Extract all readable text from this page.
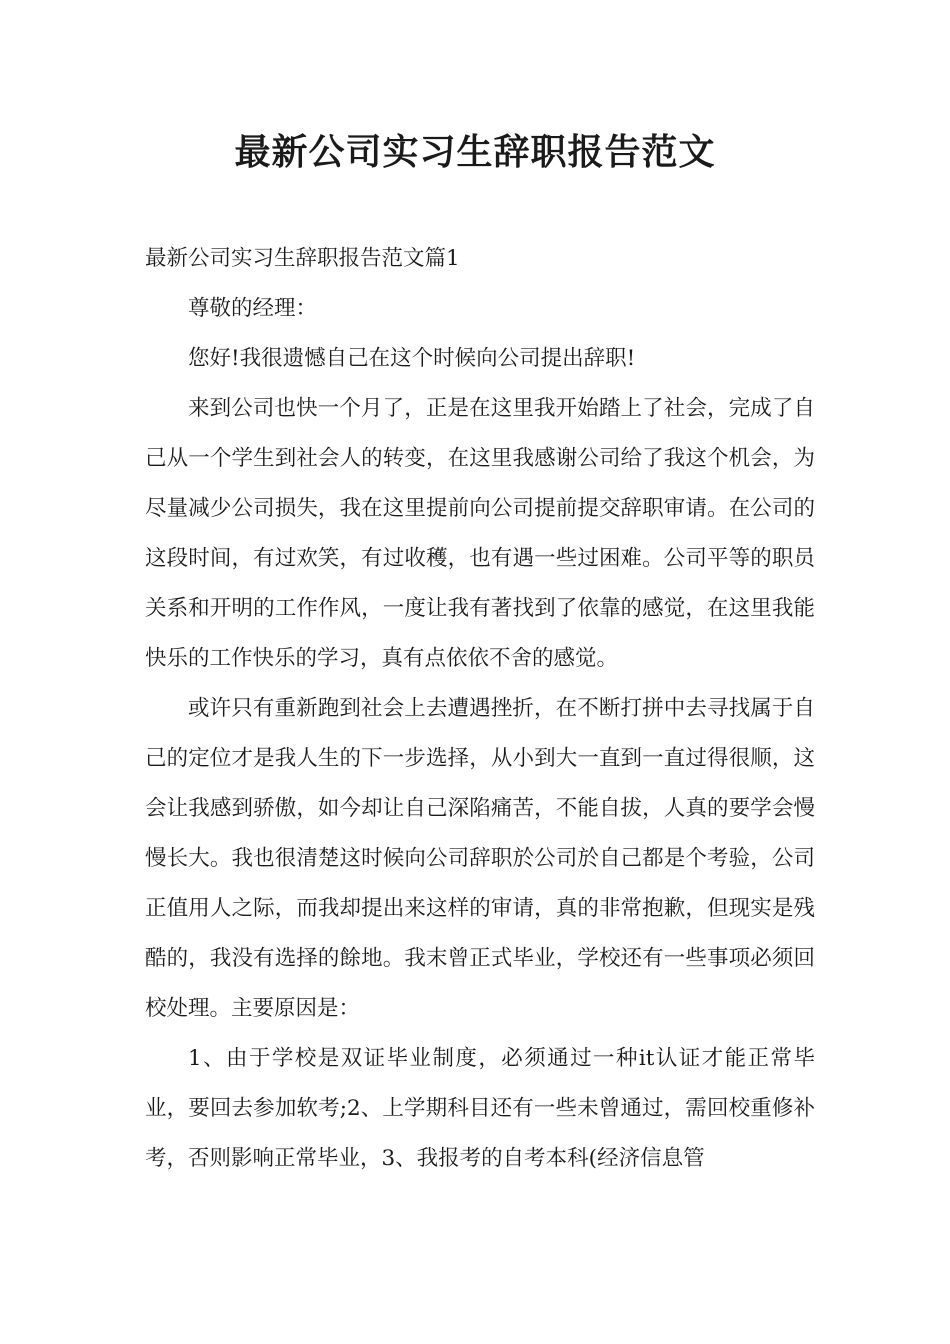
最新公司实习生辞职报告范文

最新公司实习生辞职报告范文篇1

尊敬的经理：

您好!我很遗憾自己在这个时候向公司提出辞职!

来到公司也快一个月了，正是在这里我开始踏上了社会，完成了自己从一个学生到社会人的转变，在这里我感谢公司给了我这个机会，为尽量减少公司损失，我在这里提前向公司提前提交辞职审请。在公司的这段时间，有过欢笑，有过收穫，也有遇一些过困难。公司平等的职员关系和开明的工作作风，一度让我有著找到了依靠的感觉，在这里我能快乐的工作快乐的学习，真有点依依不舍的感觉。

或许只有重新跑到社会上去遭遇挫折，在不断打拼中去寻找属于自己的定位才是我人生的下一步选择，从小到大一直到一直过得很顺，这会让我感到骄傲，如今却让自己深陷痛苦，不能自拔，人真的要学会慢慢长大。我也很清楚这时候向公司辞职於公司於自己都是个考验，公司正值用人之际，而我却提出来这样的审请，真的非常抱歉，但现实是残酷的，我没有选择的餘地。我末曾正式毕业，学校还有一些事项必须回校处理。主要原因是：

1、由于学校是双证毕业制度，必须通过一种it认证才能正常毕业，要回去参加软考;2、上学期科目还有一些未曾通过，需回校重修补考，否则影响正常毕业，3、我报考的自考本科(经济信息管
